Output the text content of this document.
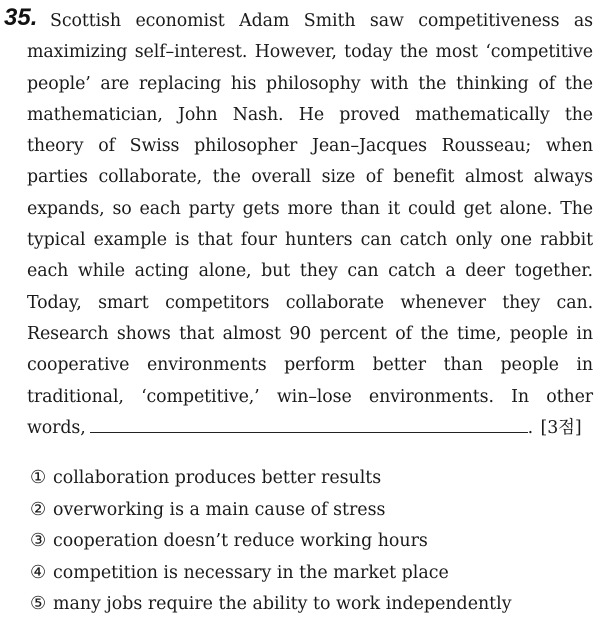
35. Scottish economist Adam Smith saw competitiveness as maximizing self–interest. However, today the most ‘competitive people’ are replacing his philosophy with the thinking of the mathematician, John Nash. He proved mathematically the theory of Swiss philosopher Jean–Jacques Rousseau; when parties collaborate, the overall size of benefit almost always expands, so each party gets more than it could get alone. The typical example is that four hunters can catch only one rabbit each while acting alone, but they can catch a deer together. Today, smart competitors collaborate whenever they can. Research shows that almost 90 percent of the time, people in cooperative environments perform better than people in traditional, ‘competitive,’ win–lose environments. In other words,	. [3점]

① collaboration produces better results
② overworking is a main cause of stress
③ cooperation doesn’t reduce working hours
④ competition is necessary in the market place
⑤ many jobs require the ability to work independently
